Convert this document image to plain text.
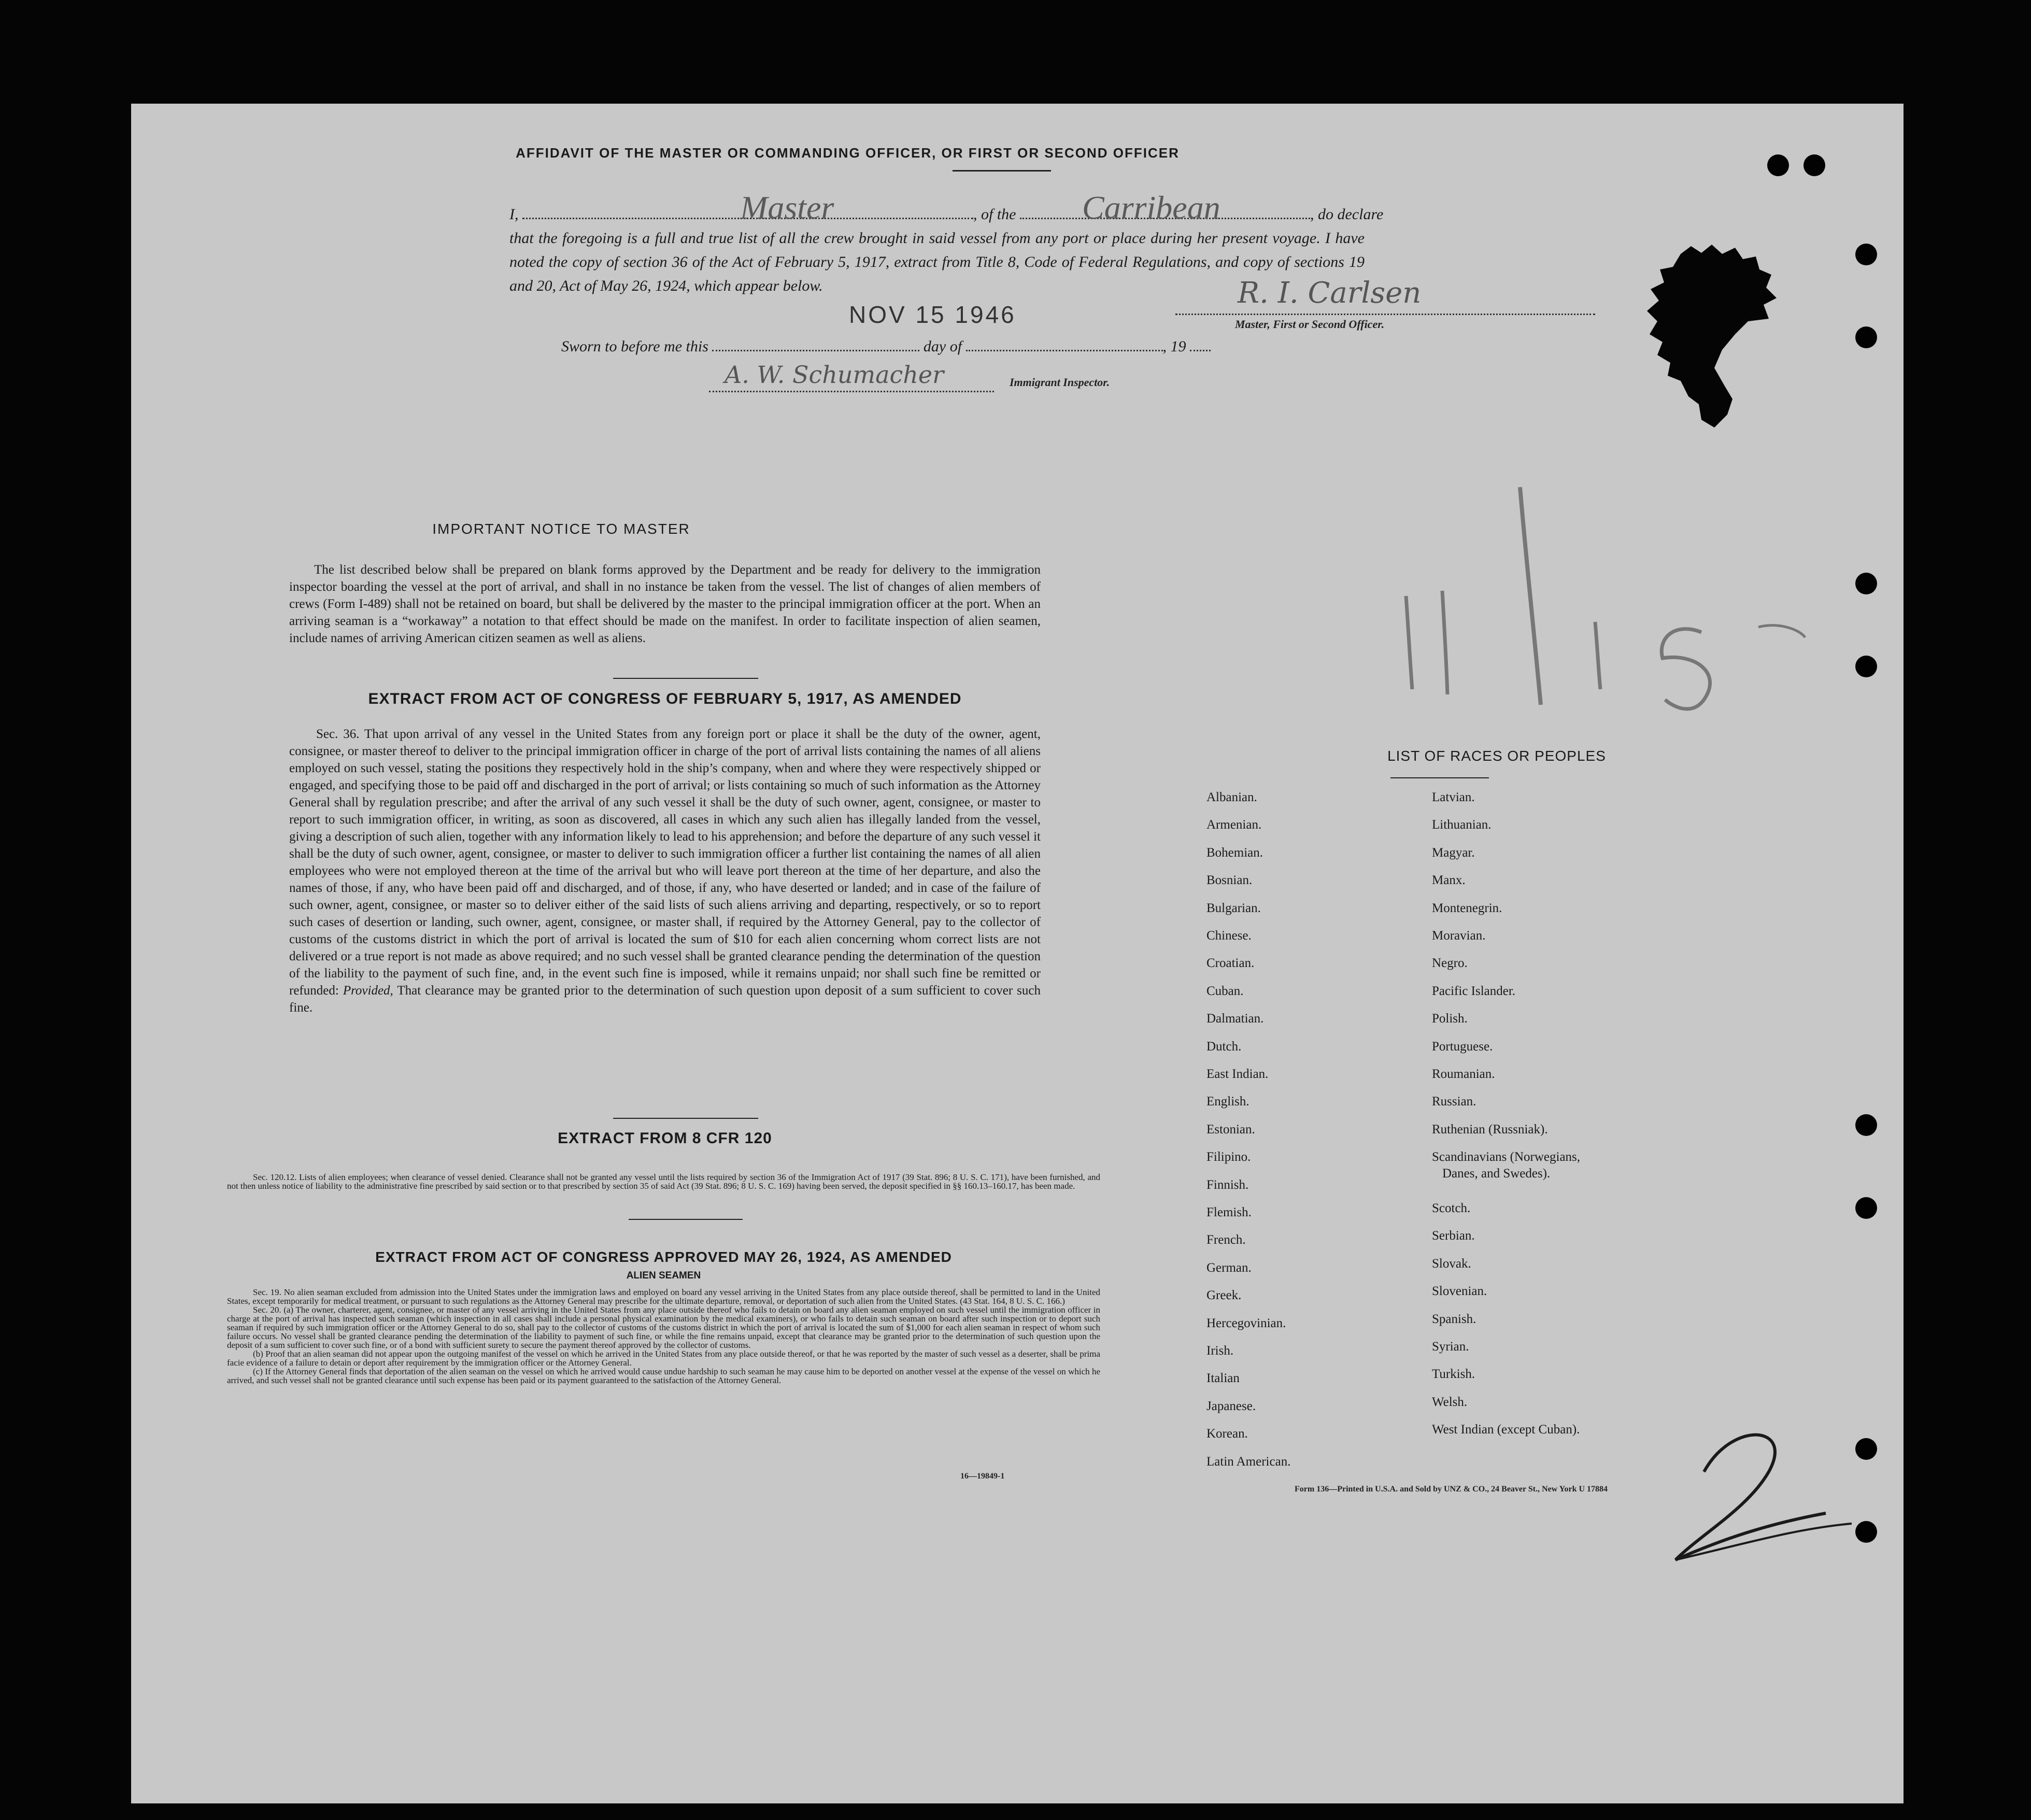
AFFIDAVIT OF THE MASTER OR COMMANDING OFFICER, OR FIRST OR SECOND OFFICER
I,	Master	, of the Carribean	, do declare
that the foregoing is a full and true list of all the crew brought in said vessel from any port or place during her present voyage. I have noted the copy of section 36 of the Act of February 5, 1917, extract from Title 8, Code of Federal Regulations, and copy of sections 19 and 20, Act of May 26, 1924, which appear below.
NOV 15 1946
R. I. Carlsen
Master, First or Second Officer.
Sworn to before me this	day of	, 19
A. W. Schumacher	Immigrant Inspector.
IMPORTANT NOTICE TO MASTER
The list described below shall be prepared on blank forms approved by the Department and be ready for delivery to the immigration inspector boarding the vessel at the port of arrival, and shall in no instance be taken from the vessel. The list of changes of alien members of crews (Form I-489) shall not be retained on board, but shall be delivered by the master to the principal immigration officer at the port. When an arriving seaman is a “workaway” a notation to that effect should be made on the manifest. In order to facilitate inspection of alien seamen, include names of arriving American citizen seamen as well as aliens.
EXTRACT FROM ACT OF CONGRESS OF FEBRUARY 5, 1917, AS AMENDED
Sec. 36. That upon arrival of any vessel in the United States from any foreign port or place it shall be the duty of the owner, agent, consignee, or master thereof to deliver to the principal immigration officer in charge of the port of arrival lists containing the names of all aliens employed on such vessel, stating the positions they respectively hold in the ship’s company, when and where they were respectively shipped or engaged, and specifying those to be paid off and discharged in the port of arrival; or lists containing so much of such information as the Attorney General shall by regulation prescribe; and after the arrival of any such vessel it shall be the duty of such owner, agent, consignee, or master to report to such immigration officer, in writing, as soon as discovered, all cases in which any such alien has illegally landed from the vessel, giving a description of such alien, together with any information likely to lead to his apprehension; and before the departure of any such vessel it shall be the duty of such owner, agent, consignee, or master to deliver to such immigration officer a further list containing the names of all alien employees who were not employed thereon at the time of the arrival but who will leave port thereon at the time of her departure, and also the names of those, if any, who have been paid off and discharged, and of those, if any, who have deserted or landed; and in case of the failure of such owner, agent, consignee, or master so to deliver either of the said lists of such aliens arriving and departing, respectively, or so to report such cases of desertion or landing, such owner, agent, consignee, or master shall, if required by the Attorney General, pay to the collector of customs of the customs district in which the port of arrival is located the sum of $10 for each alien concerning whom correct lists are not delivered or a true report is not made as above required; and no such vessel shall be granted clearance pending the determination of the question of the liability to the payment of such fine, and, in the event such fine is imposed, while it remains unpaid; nor shall such fine be remitted or refunded: Provided, That clearance may be granted prior to the determination of such question upon deposit of a sum sufficient to cover such fine.
EXTRACT FROM 8 CFR 120
Sec. 120.12. Lists of alien employees; when clearance of vessel denied. Clearance shall not be granted any vessel until the lists required by section 36 of the Immigration Act of 1917 (39 Stat. 896; 8 U. S. C. 171), have been furnished, and not then unless notice of liability to the administrative fine prescribed by said section or to that prescribed by section 35 of said Act (39 Stat. 896; 8 U. S. C. 169) having been served, the deposit specified in §§ 160.13–160.17, has been made.
EXTRACT FROM ACT OF CONGRESS APPROVED MAY 26, 1924, AS AMENDED
ALIEN SEAMEN
Sec. 19. No alien seaman excluded from admission into the United States under the immigration laws and employed on board any vessel arriving in the United States from any place outside thereof, shall be permitted to land in the United States, except temporarily for medical treatment, or pursuant to such regulations as the Attorney General may prescribe for the ultimate departure, removal, or deportation of such alien from the United States. (43 Stat. 164, 8 U. S. C. 166.)
Sec. 20. (a) The owner, charterer, agent, consignee, or master of any vessel arriving in the United States from any place outside thereof who fails to detain on board any alien seaman employed on such vessel until the immigration officer in charge at the port of arrival has inspected such seaman (which inspection in all cases shall include a personal physical examination by the medical examiners), or who fails to detain such seaman on board after such inspection or to deport such seaman if required by such immigration officer or the Attorney General to do so, shall pay to the collector of customs of the customs district in which the port of arrival is located the sum of $1,000 for each alien seaman in respect of whom such failure occurs. No vessel shall be granted clearance pending the determination of the liability to payment of such fine, or while the fine remains unpaid, except that clearance may be granted prior to the determination of such question upon the deposit of a sum sufficient to cover such fine, or of a bond with sufficient surety to secure the payment thereof approved by the collector of customs.
(b) Proof that an alien seaman did not appear upon the outgoing manifest of the vessel on which he arrived in the United States from any place outside thereof, or that he was reported by the master of such vessel as a deserter, shall be prima facie evidence of a failure to detain or deport after requirement by the immigration officer or the Attorney General.
(c) If the Attorney General finds that deportation of the alien seaman on the vessel on which he arrived would cause undue hardship to such seaman he may cause him to be deported on another vessel at the expense of the vessel on which he arrived, and such vessel shall not be granted clearance until such expense has been paid or its payment guaranteed to the satisfaction of the Attorney General.
16—19849-1
LIST OF RACES OR PEOPLES
Albanian.
Armenian.
Bohemian.
Bosnian.
Bulgarian.
Chinese.
Croatian.
Cuban.
Dalmatian.
Dutch.
East Indian.
English.
Estonian.
Filipino.
Finnish.
Flemish.
French.
German.
Greek.
Hercegovinian.
Irish.
Italian
Japanese.
Korean.
Latin American.
Latvian.
Lithuanian.
Magyar.
Manx.
Montenegrin.
Moravian.
Negro.
Pacific Islander.
Polish.
Portuguese.
Roumanian.
Russian.
Ruthenian (Russniak).
Scandinavians (Norwegians,
Danes, and Swedes).
Scotch.
Serbian.
Slovak.
Slovenian.
Spanish.
Syrian.
Turkish.
Welsh.
West Indian (except Cuban).
Form 136—Printed in U.S.A. and Sold by UNZ & CO., 24 Beaver St., New York U 17884
